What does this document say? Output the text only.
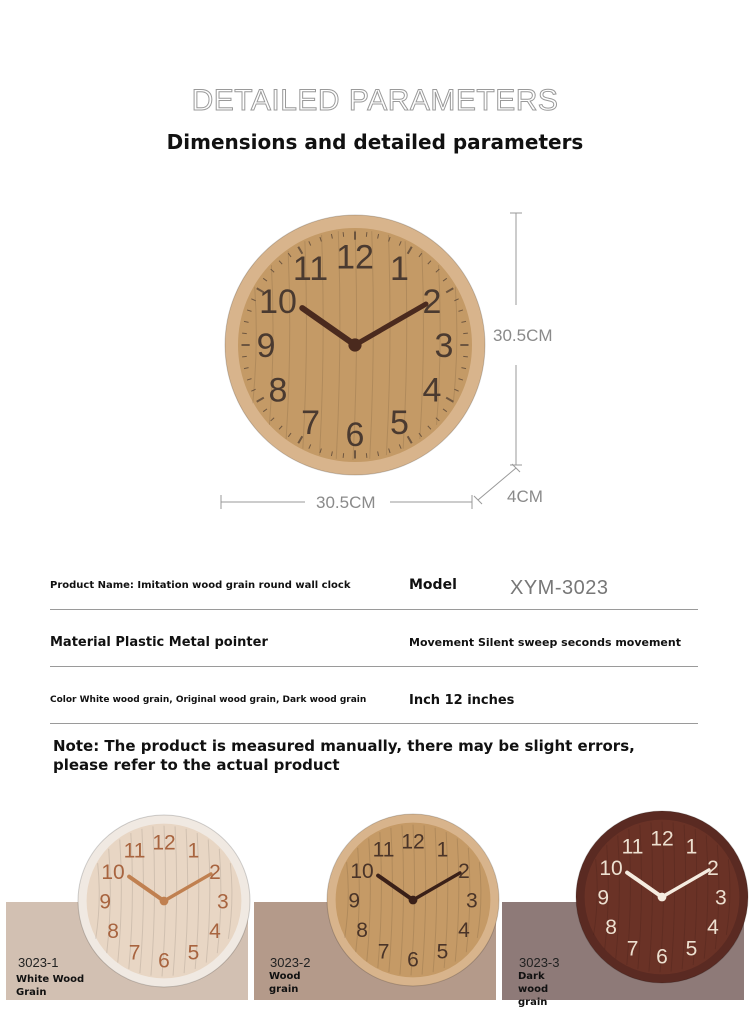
DETAILED PARAMETERS
Dimensions and detailed parameters
1
2
3
4
5
6
7
8
9
10
11 12
30.5CM
30.5CM	4CM
Product Name: Imitation wood grain round wall clock	Model	XYM-3023
Material Plastic Metal pointer	Movement Silent sweep seconds movement
Color White wood grain, Original wood grain, Dark wood grain	Inch 12 inches
Note: The product is measured manually, there may be slight errors,
please refer to the actual product
1
2
3
4
5
6
7
8
9
10
11 12	1
2
3
4
5
6
7
8
9
10
11 12	1
2
3
4
5
6
7
8
9
10
11 12
3023-1
White Wood Grain
3023-2
Wood grain
3023-3
Dark wood grain
